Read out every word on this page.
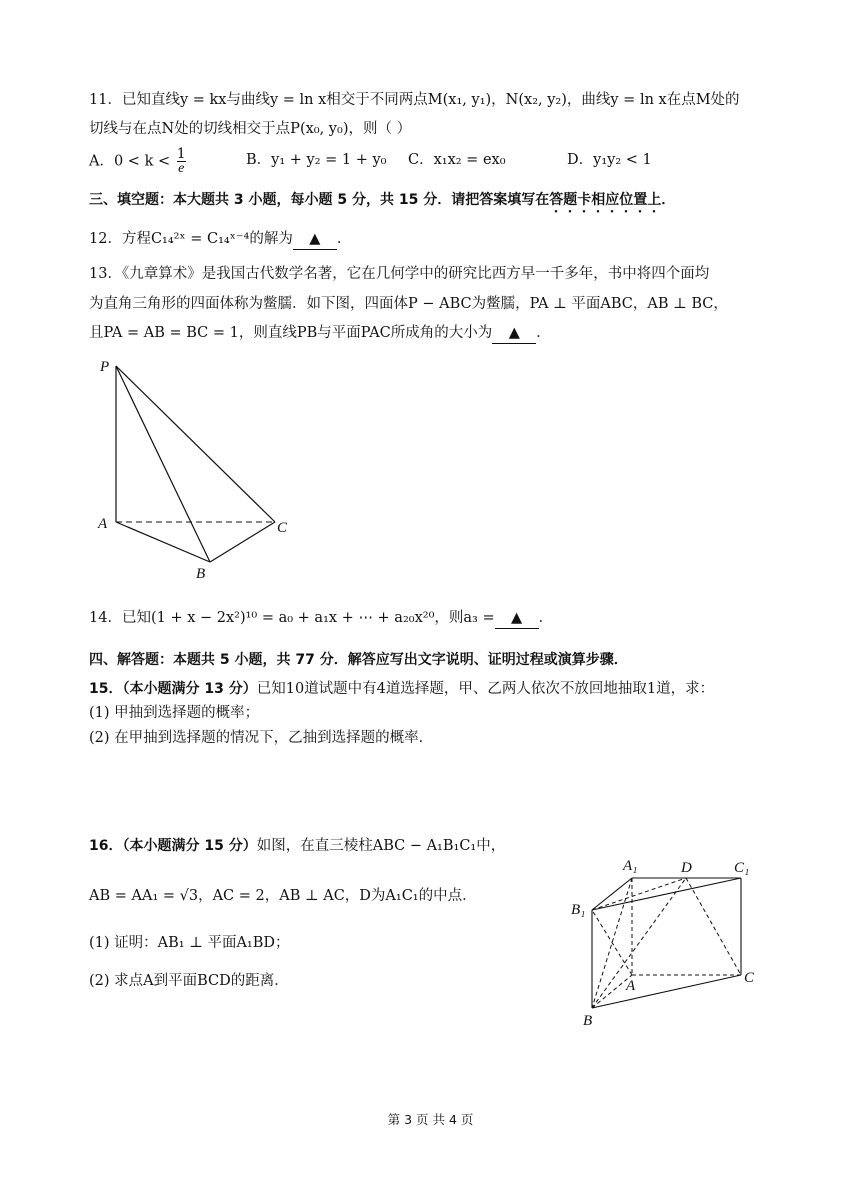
11．已知直线y = kx与曲线y = ln x相交于不同两点M(x₁, y₁)，N(x₂, y₂)，曲线y = ln x在点M处的
切线与在点N处的切线相交于点P(x₀, y₀)，则（ ）
A．$0 < k < \frac{1}{e}$	B．y₁ + y₂ = 1 + y₀ C．x₁x₂ = ex₀	D．y₁y₂ < 1
三、填空题：本大题共 3 小题，每小题 5 分，共 15 分．请把答案填写在答题卡相应位置上．
12．方程C₁₄²ˣ = C₁₄ˣ⁻⁴的解为 ▲ ．
13．《九章算术》是我国古代数学名著，它在几何学中的研究比西方早一千多年，书中将四个面均
为直角三角形的四面体称为鳖臑．如下图，四面体P − ABC为鳖臑，PA ⊥ 平面ABC，AB ⊥ BC，
且PA = AB = BC = 1，则直线PB与平面PAC所成角的大小为 ▲ ．
P
A	C
B
14．已知(1 + x − 2x²)¹⁰ = a₀ + a₁x + ⋯ + a₂₀x²⁰，则a₃ = ▲ ．
四、解答题：本题共 5 小题，共 77 分．解答应写出文字说明、证明过程或演算步骤．
15．（本小题满分 13 分）已知10道试题中有4道选择题，甲、乙两人依次不放回地抽取1道，求：
(1) 甲抽到选择题的概率；
(2) 在甲抽到选择题的情况下，乙抽到选择题的概率．
16．（本小题满分 15 分）如图，在直三棱柱ABC − A₁B₁C₁中，
AB = AA₁ = √3，AC = 2，AB ⊥ AC，D为A₁C₁的中点．
(1) 证明：AB₁ ⊥ 平面A₁BD；
(2) 求点A到平面BCD的距离．
A₁	D	C₁
B₁
A	C
B
第 3 页 共 4 页
